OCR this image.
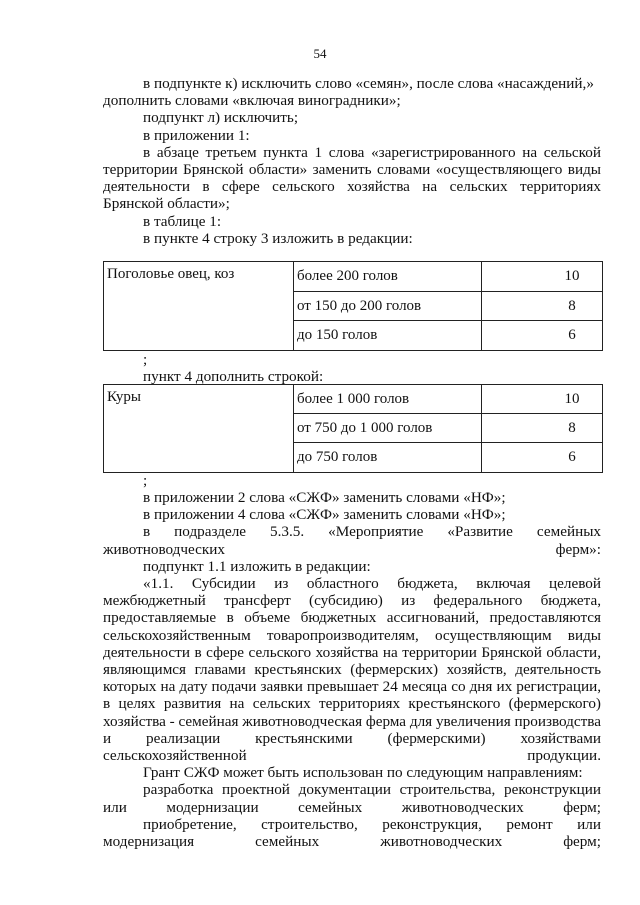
54

в подпункте к) исключить слово «семян», после слова «насаждений,» дополнить словами «включая виноградники»;

подпункт л) исключить;

в приложении 1:

в абзаце третьем пункта 1 слова «зарегистрированного на сельской территории Брянской области» заменить словами «осуществляющего виды деятельности в сфере сельского хозяйства на сельских территориях Брянской области»;

в таблице 1:

в пункте 4 строку 3 изложить в редакции:

Поголовье овец, коз	более 200 голов	10
	от 150 до 200 голов	8
	до 150 голов	6

;

пункт 4 дополнить строкой:

Куры	более 1 000 голов	10
	от 750 до 1 000 голов	8
	до 750 голов	6

;

в приложении 2 слова «СЖФ» заменить словами «НФ»;

в приложении 4 слова «СЖФ» заменить словами «НФ»;

в подразделе 5.3.5. «Мероприятие «Развитие семейных животноводческих ферм»:

подпункт 1.1 изложить в редакции:

«1.1. Субсидии из областного бюджета, включая целевой межбюджетный трансферт (субсидию) из федерального бюджета, предоставляемые в объеме бюджетных ассигнований, предоставляются сельскохозяйственным товаропроизводителям, осуществляющим виды деятельности в сфере сельского хозяйства на территории Брянской области, являющимся главами крестьянских (фермерских) хозяйств, деятельность которых на дату подачи заявки превышает 24 месяца со дня их регистрации, в целях развития на сельских территориях крестьянского (фермерского) хозяйства - семейная животноводческая ферма для увеличения производства и реализации крестьянскими (фермерскими) хозяйствами сельскохозяйственной продукции.

Грант СЖФ может быть использован по следующим направлениям:

разработка проектной документации строительства, реконструкции или модернизации семейных животноводческих ферм;

приобретение, строительство, реконструкция, ремонт или модернизация семейных животноводческих ферм;
